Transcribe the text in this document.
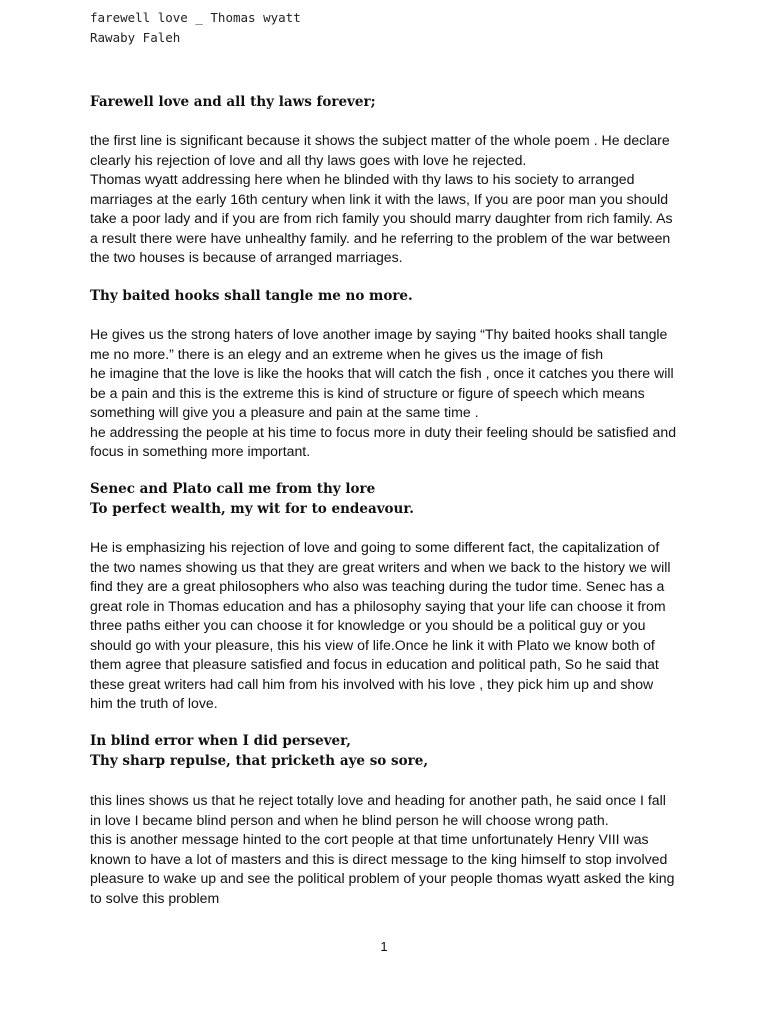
farewell love _ Thomas wyatt
Rawaby Faleh
Farewell love and all thy laws forever;
the first line is significant because it shows the subject matter of the whole poem . He declare
clearly his rejection of love and all thy laws goes with love he rejected.
Thomas wyatt addressing here when he blinded with thy laws to his society to arranged
marriages at the early 16th century when link it with the laws, If you are poor man you should
take a poor lady and if you are from rich family you should marry daughter from rich family. As
a result there were have unhealthy family. and he referring to the problem of the war between
the two houses is because of arranged marriages.
Thy baited hooks shall tangle me no more.
He gives us the strong haters of love another image by saying “Thy baited hooks shall tangle
me no more.” there is an elegy and an extreme when he gives us the image of fish
he imagine that the love is like the hooks that will catch the fish , once it catches you there will
be a pain and this is the extreme this is kind of structure or figure of speech which means
something will give you a pleasure and pain at the same time .
he addressing the people at his time to focus more in duty their feeling should be satisfied and
focus in something more important.
Senec and Plato call me from thy lore
To perfect wealth, my wit for to endeavour.
He is emphasizing his rejection of love and going to some different fact, the capitalization of
the two names showing us that they are great writers and when we back to the history we will
find they are a great philosophers who also was teaching during the tudor time. Senec has a
great role in Thomas education and has a philosophy saying that your life can choose it from
three paths either you can choose it for knowledge or you should be a political guy or you
should go with your pleasure, this his view of life.Once he link it with Plato we know both of
them agree that pleasure satisfied and focus in education and political path, So he said that
these great writers had call him from his involved with his love , they pick him up and show
him the truth of love.
In blind error when I did persever,
Thy sharp repulse, that pricketh aye so sore,
this lines shows us that he reject totally love and heading for another path, he said once I fall
in love I became blind person and when he blind person he will choose wrong path.
this is another message hinted to the cort people at that time unfortunately Henry VIII was
known to have a lot of masters and this is direct message to the king himself to stop involved
pleasure to wake up and see the political problem of your people thomas wyatt asked the king
to solve this problem
1
